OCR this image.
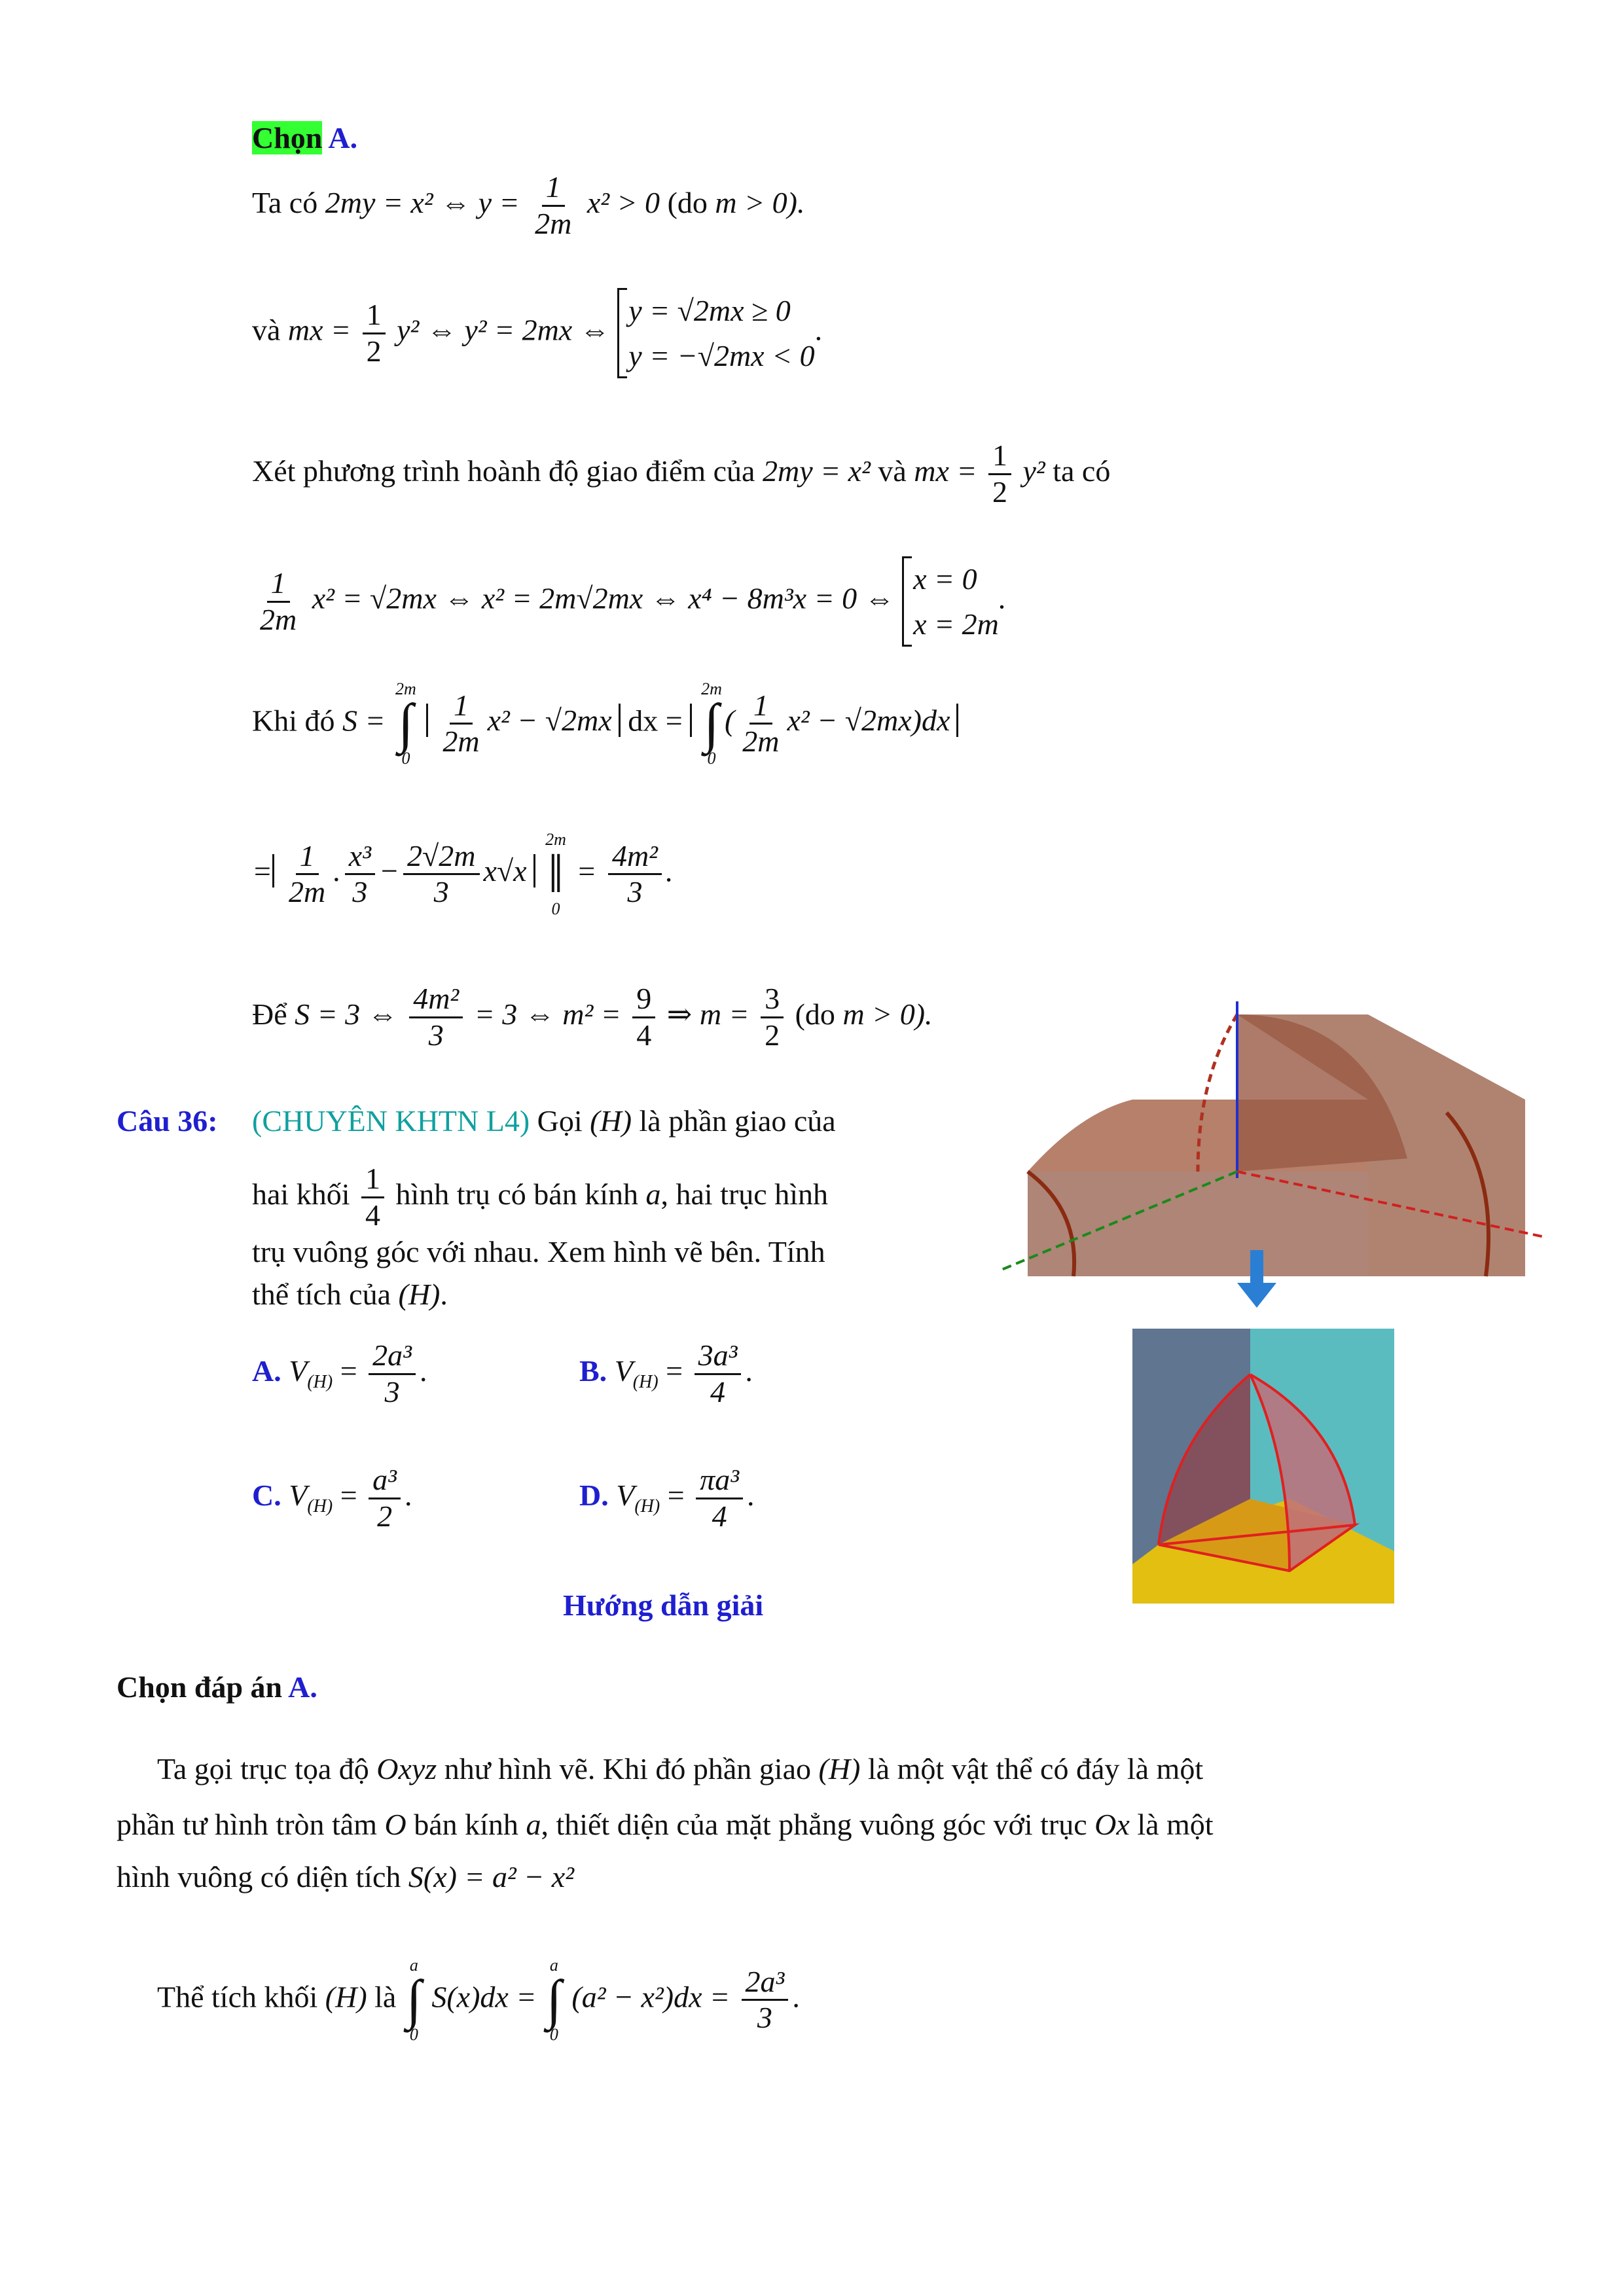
Chọn A.
Ta có 2my = x² ⇔ $y = \frac{1}{2m} x^2 > 0$ (do m > 0).
và mx = $\frac{1}{2} y^2$ ⇔ y² = 2mx ⇔
y = √2mx ≥ 0
y = −√2mx < 0
.
Xét phương trình hoành độ giao điểm của 2my = x² và mx = $\frac{1}{2} y^2$ ta có
$\frac{1}{2m} x^2 = √2mx$ ⇔ x² = 2m√2mx ⇔ x⁴ − 8m³x = 0 ⇔
x = 0
x = 2m
.
Khi đó S =
2m
∫
0
$\frac{1}{2m} x^2 - √2mx$ dx =
2m
∫
0
( $\frac{1}{2m} x^2 - √2mx)dx$
= $\frac{1}{2m}$ . $\frac{\text{x³}}{3} - \frac{2√2m}{3} x√x$
2m
‖
0
= $\frac{\text{4m²}}{3}$ .
Để S = 3 ⇔ $\frac{\text{4m²}}{3} = 3$ ⇔ $m^2 = \frac{9}{4}$ ⇒ $m = \frac{3}{2} (do$ m > 0).
Câu 36: (CHUYÊN KHTN L4) Gọi (H) là phần giao của
hai khối $\frac{1}{4}$ hình trụ có bán kính a, hai trục hình
trụ vuông góc với nhau. Xem hình vẽ bên. Tính
thể tích của (H).
A. $V_{(H)} = \frac{\text{2a³}}{3}$ .	B. $V_{(H)} = \frac{\text{3a³}}{4}$ .
C. $V_{(H)} = \frac{\text{a³}}{2}$ .	D. $V_{(H)} = \frac{\text{πa³}}{4}$ .
Hướng dẫn giải
Chọn đáp án A.
Ta gọi trục tọa độ Oxyz như hình vẽ. Khi đó phần giao (H) là một vật thể có đáy là một
phần tư hình tròn tâm O bán kính a, thiết diện của mặt phẳng vuông góc với trục Ox là một
hình vuông có diện tích S(x) = a² − x²
Thể tích khối (H) là
a
∫
0
S(x)dx =
a
∫
0
$(a^2 - x^2)dx = \frac{\text{2a³}}{3}$ .
